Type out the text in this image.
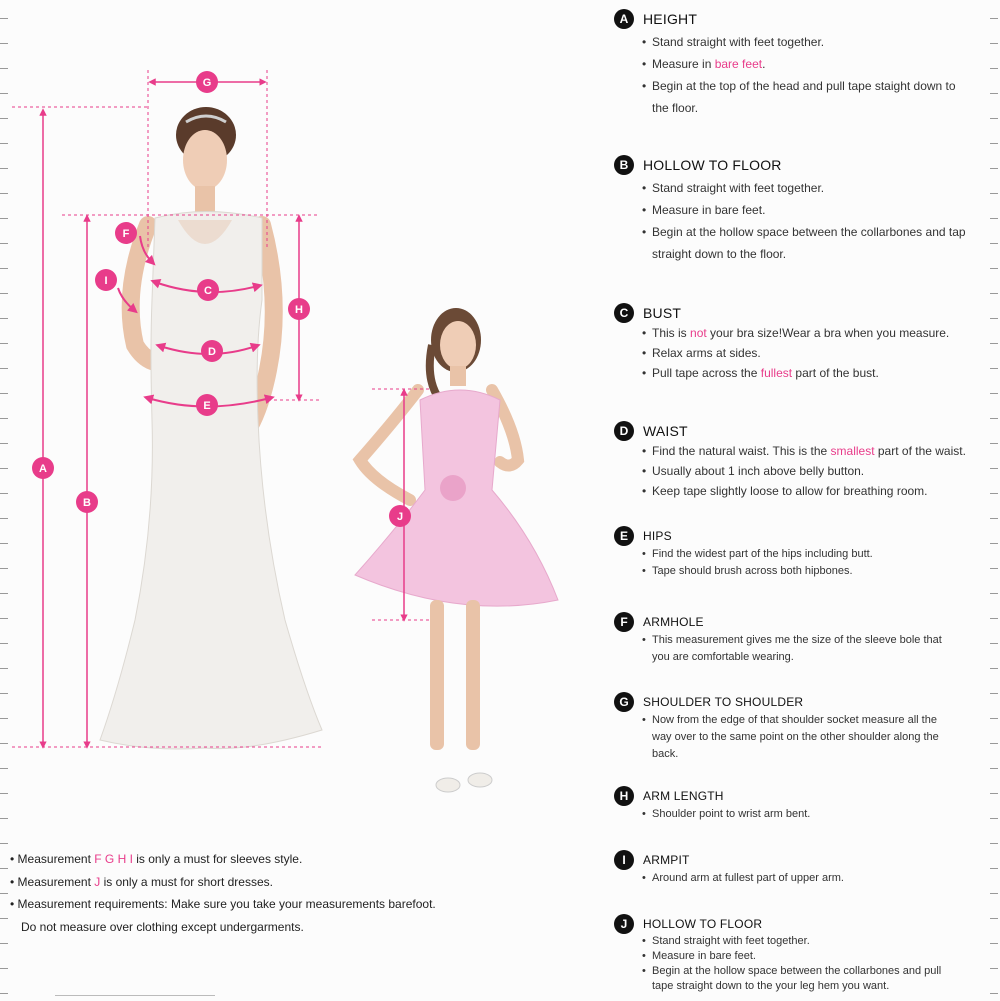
A
B
C
D
E
F
G
H
I
J
A	HEIGHT
• Stand straight with feet together.
• Measure in bare feet.
• Begin at the top of the head and pull tape staight down to
the floor.
B	HOLLOW TO FLOOR
• Stand straight with feet together.
• Measure in bare feet.
• Begin at the hollow space between the collarbones and tap
straight down to the floor.
C	BUST
• This is not your bra size!Wear a bra when you measure.
• Relax arms at sides.
• Pull tape across the fullest part of the bust.
D	WAIST
• Find the natural waist. This is the smallest part of the waist.
• Usually about 1 inch above belly button.
• Keep tape slightly loose to allow for breathing room.
E	HIPS
• Find the widest part of the hips including butt.
• Tape should brush across both hipbones.
F	ARMHOLE
• This measurement gives me the size of the sleeve bole that
you are comfortable wearing.
G	SHOULDER TO SHOULDER
• Now from the edge of that shoulder socket measure all the
way over to the same point on the other shoulder along the
back.
H	ARM LENGTH
• Shoulder point to wrist arm bent.
I	ARMPIT
• Around arm at fullest part of upper arm.
J	HOLLOW TO FLOOR
• Stand straight with feet together.
• Measure in bare feet.
• Begin at the hollow space between the collarbones and pull
tape straight down to the your leg hem you want.
• Measurement F G H I is only a must for sleeves style.
• Measurement J is only a must for short dresses.
• Measurement requirements: Make sure you take your measurements barefoot.
Do not measure over clothing except undergarments.
